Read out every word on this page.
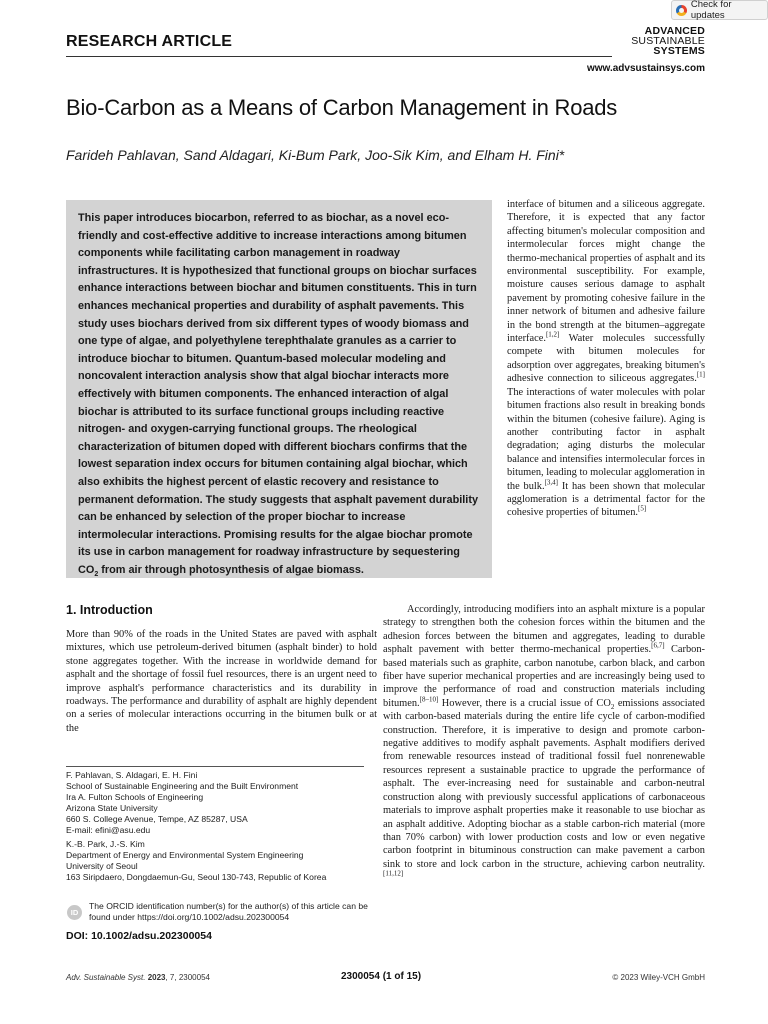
Check for updates
RESEARCH ARTICLE
ADVANCED
SUSTAINABLE
SYSTEMS
www.advsustainsys.com
Bio-Carbon as a Means of Carbon Management in Roads
Farideh Pahlavan, Sand Aldagari, Ki-Bum Park, Joo-Sik Kim, and Elham H. Fini*

This paper introduces biocarbon, referred to as biochar, as a novel eco-friendly and cost-effective additive to increase interactions among bitumen components while facilitating carbon management in roadway infrastructures. It is hypothesized that functional groups on biochar surfaces enhance interactions between biochar and bitumen constituents. This in turn enhances mechanical properties and durability of asphalt pavements. This study uses biochars derived from six different types of woody biomass and one type of algae, and polyethylene terephthalate granules as a carrier to introduce biochar to bitumen. Quantum-based molecular modeling and noncovalent interaction analysis show that algal biochar interacts more effectively with bitumen components. The enhanced interaction of algal biochar is attributed to its surface functional groups including reactive nitrogen- and oxygen-carrying functional groups. The rheological characterization of bitumen doped with different biochars confirms that the lowest separation index occurs for bitumen containing algal biochar, which also exhibits the highest percent of elastic recovery and resistance to permanent deformation. The study suggests that asphalt pavement durability can be enhanced by selection of the proper biochar to increase intermolecular interactions. Promising results for the algae biochar promote its use in carbon management for roadway infrastructure by sequestering $CO_2$ from air through photosynthesis of algae biomass.

interface of bitumen and a siliceous aggregate. Therefore, it is expected that any factor affecting bitumen's molecular composition and intermolecular forces might change the thermo-mechanical properties of asphalt and its environmental susceptibility. For example, moisture causes serious damage to asphalt pavement by promoting cohesive failure in the inner network of bitumen and adhesive failure in the bond strength at the bitumen–aggregate interface.[1,2] Water molecules successfully compete with bitumen molecules for adsorption over aggregates, breaking bitumen's adhesive connection to siliceous aggregates.[1] The interactions of water molecules with polar bitumen fractions also result in breaking bonds within the bitumen (cohesive failure). Aging is another contributing factor in asphalt degradation; aging disturbs the molecular balance and intensifies intermolecular forces in bitumen, leading to molecular agglomeration in the bulk.[3,4] It has been shown that molecular agglomeration is a detrimental factor for the cohesive properties of bitumen.[5]

1. Introduction

More than 90% of the roads in the United States are paved with asphalt mixtures, which use petroleum-derived bitumen (asphalt binder) to hold stone aggregates together. With the increase in worldwide demand for asphalt and the shortage of fossil fuel resources, there is an urgent need to improve asphalt's performance characteristics and its durability in roadways. The performance and durability of asphalt are highly dependent on a series of molecular interactions occurring in the bitumen bulk or at the

Accordingly, introducing modifiers into an asphalt mixture is a popular strategy to strengthen both the cohesion forces within the bitumen and the adhesion forces between the bitumen and aggregates, leading to durable asphalt pavement with better thermo-mechanical properties.[6,7] Carbon-based materials such as graphite, carbon nanotube, carbon black, and carbon fiber have superior mechanical properties and are increasingly being used to improve the performance of road and construction materials including bitumen.[8–10] However, there is a crucial issue of $CO_2$ emissions associated with carbon-based materials during the entire life cycle of carbon-modified construction. Therefore, it is imperative to design and promote carbon-negative additives to modify asphalt pavements. Asphalt modifiers derived from renewable resources instead of traditional fossil fuel nonrenewable resources represent a sustainable practice to upgrade the performance of asphalt. The ever-increasing need for sustainable and carbon-neutral construction along with previously successful applications of carbonaceous materials to improve asphalt properties make it reasonable to use biochar as an asphalt additive. Adopting biochar as a stable carbon-rich material (more than 70% carbon) with lower production costs and low or even negative carbon footprint in bituminous construction can make pavement a carbon sink to store and lock carbon in the structure, achieving carbon neutrality.[11,12]

F. Pahlavan, S. Aldagari, E. H. Fini
School of Sustainable Engineering and the Built Environment
Ira A. Fulton Schools of Engineering
Arizona State University
660 S. College Avenue, Tempe, AZ 85287, USA
E-mail: efini@asu.edu
K.-B. Park, J.-S. Kim
Department of Energy and Environmental System Engineering
University of Seoul
163 Siripdaero, Dongdaemun-Gu, Seoul 130-743, Republic of Korea
ID

The ORCID identification number(s) for the author(s) of this article can be found under https://doi.org/10.1002/adsu.202300054

DOI: 10.1002/adsu.202300054
Adv. Sustainable Syst. 2023, 7, 2300054	2300054 (1 of 15)	© 2023 Wiley-VCH GmbH
